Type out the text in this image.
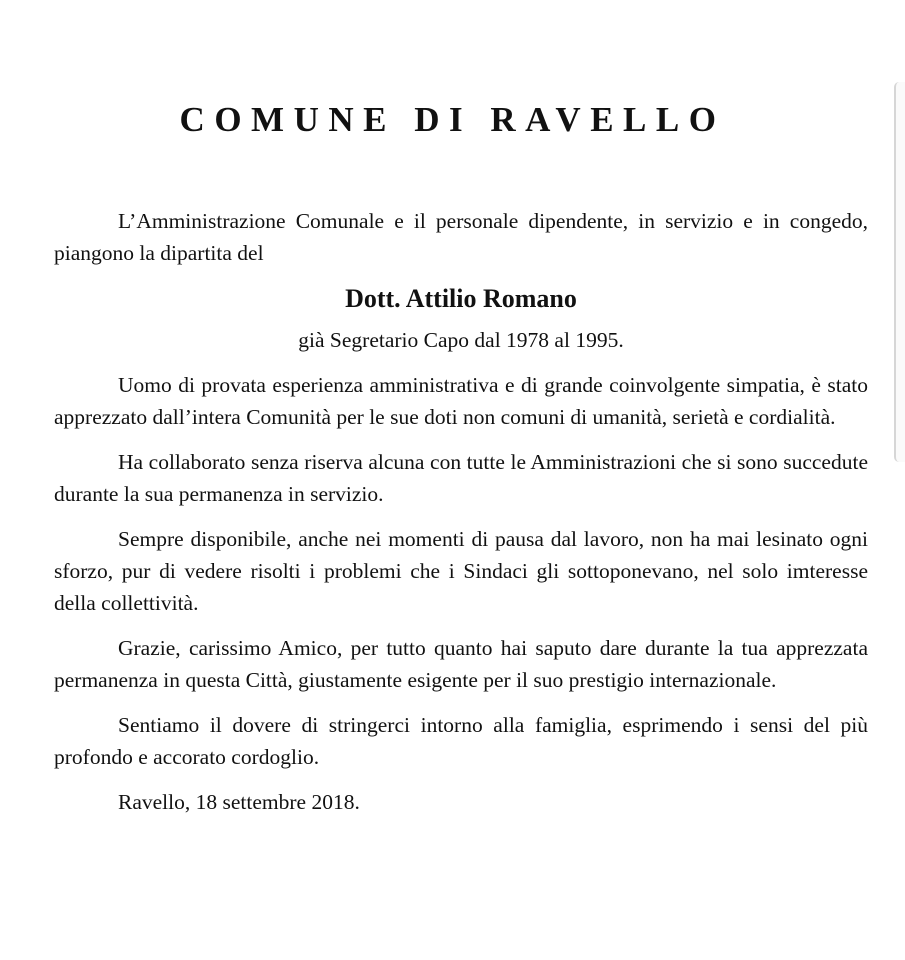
COMUNE DI RAVELLO

L’Amministrazione Comunale e il personale dipendente, in servizio e in congedo, piangono la dipartita del

Dott. Attilio Romano
già Segretario Capo dal 1978 al 1995.

Uomo di provata esperienza amministrativa e di grande coinvolgente simpatia, è stato apprezzato dall’intera Comunità per le sue doti non comuni di umanità, serietà e cordialità.

Ha collaborato senza riserva alcuna con tutte le Amministrazioni che si sono succedute durante la sua permanenza in servizio.

Sempre disponibile, anche nei momenti di pausa dal lavoro, non ha mai lesinato ogni sforzo, pur di vedere risolti i problemi che i Sindaci gli sottoponevano, nel solo imteresse della collettività.

Grazie, carissimo Amico, per tutto quanto hai saputo dare durante la tua apprezzata permanenza in questa Città, giustamente esigente per il suo prestigio internazionale.

Sentiamo il dovere di stringerci intorno alla famiglia, esprimendo i sensi del più profondo e accorato cordoglio.

Ravello, 18 settembre 2018.
